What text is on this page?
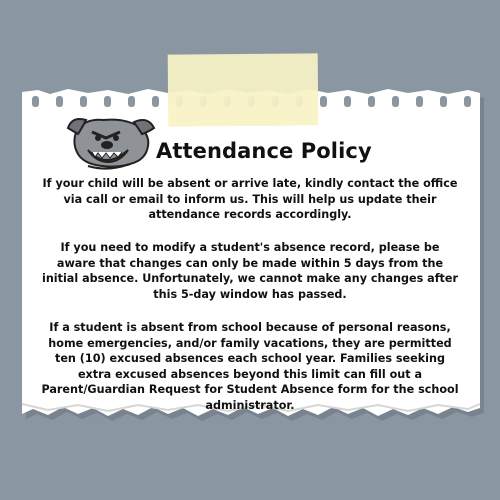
Attendance Policy

If your child will be absent or arrive late, kindly contact the office via call or email to inform us. This will help us update their attendance records accordingly.

If you need to modify a student's absence record, please be aware that changes can only be made within 5 days from the initial absence. Unfortunately, we cannot make any changes after this 5-day window has passed.

If a student is absent from school because of personal reasons, home emergencies, and/or family vacations, they are permitted ten (10) excused absences each school year. Families seeking extra excused absences beyond this limit can fill out a Parent/Guardian Request for Student Absence form for the school administrator.
